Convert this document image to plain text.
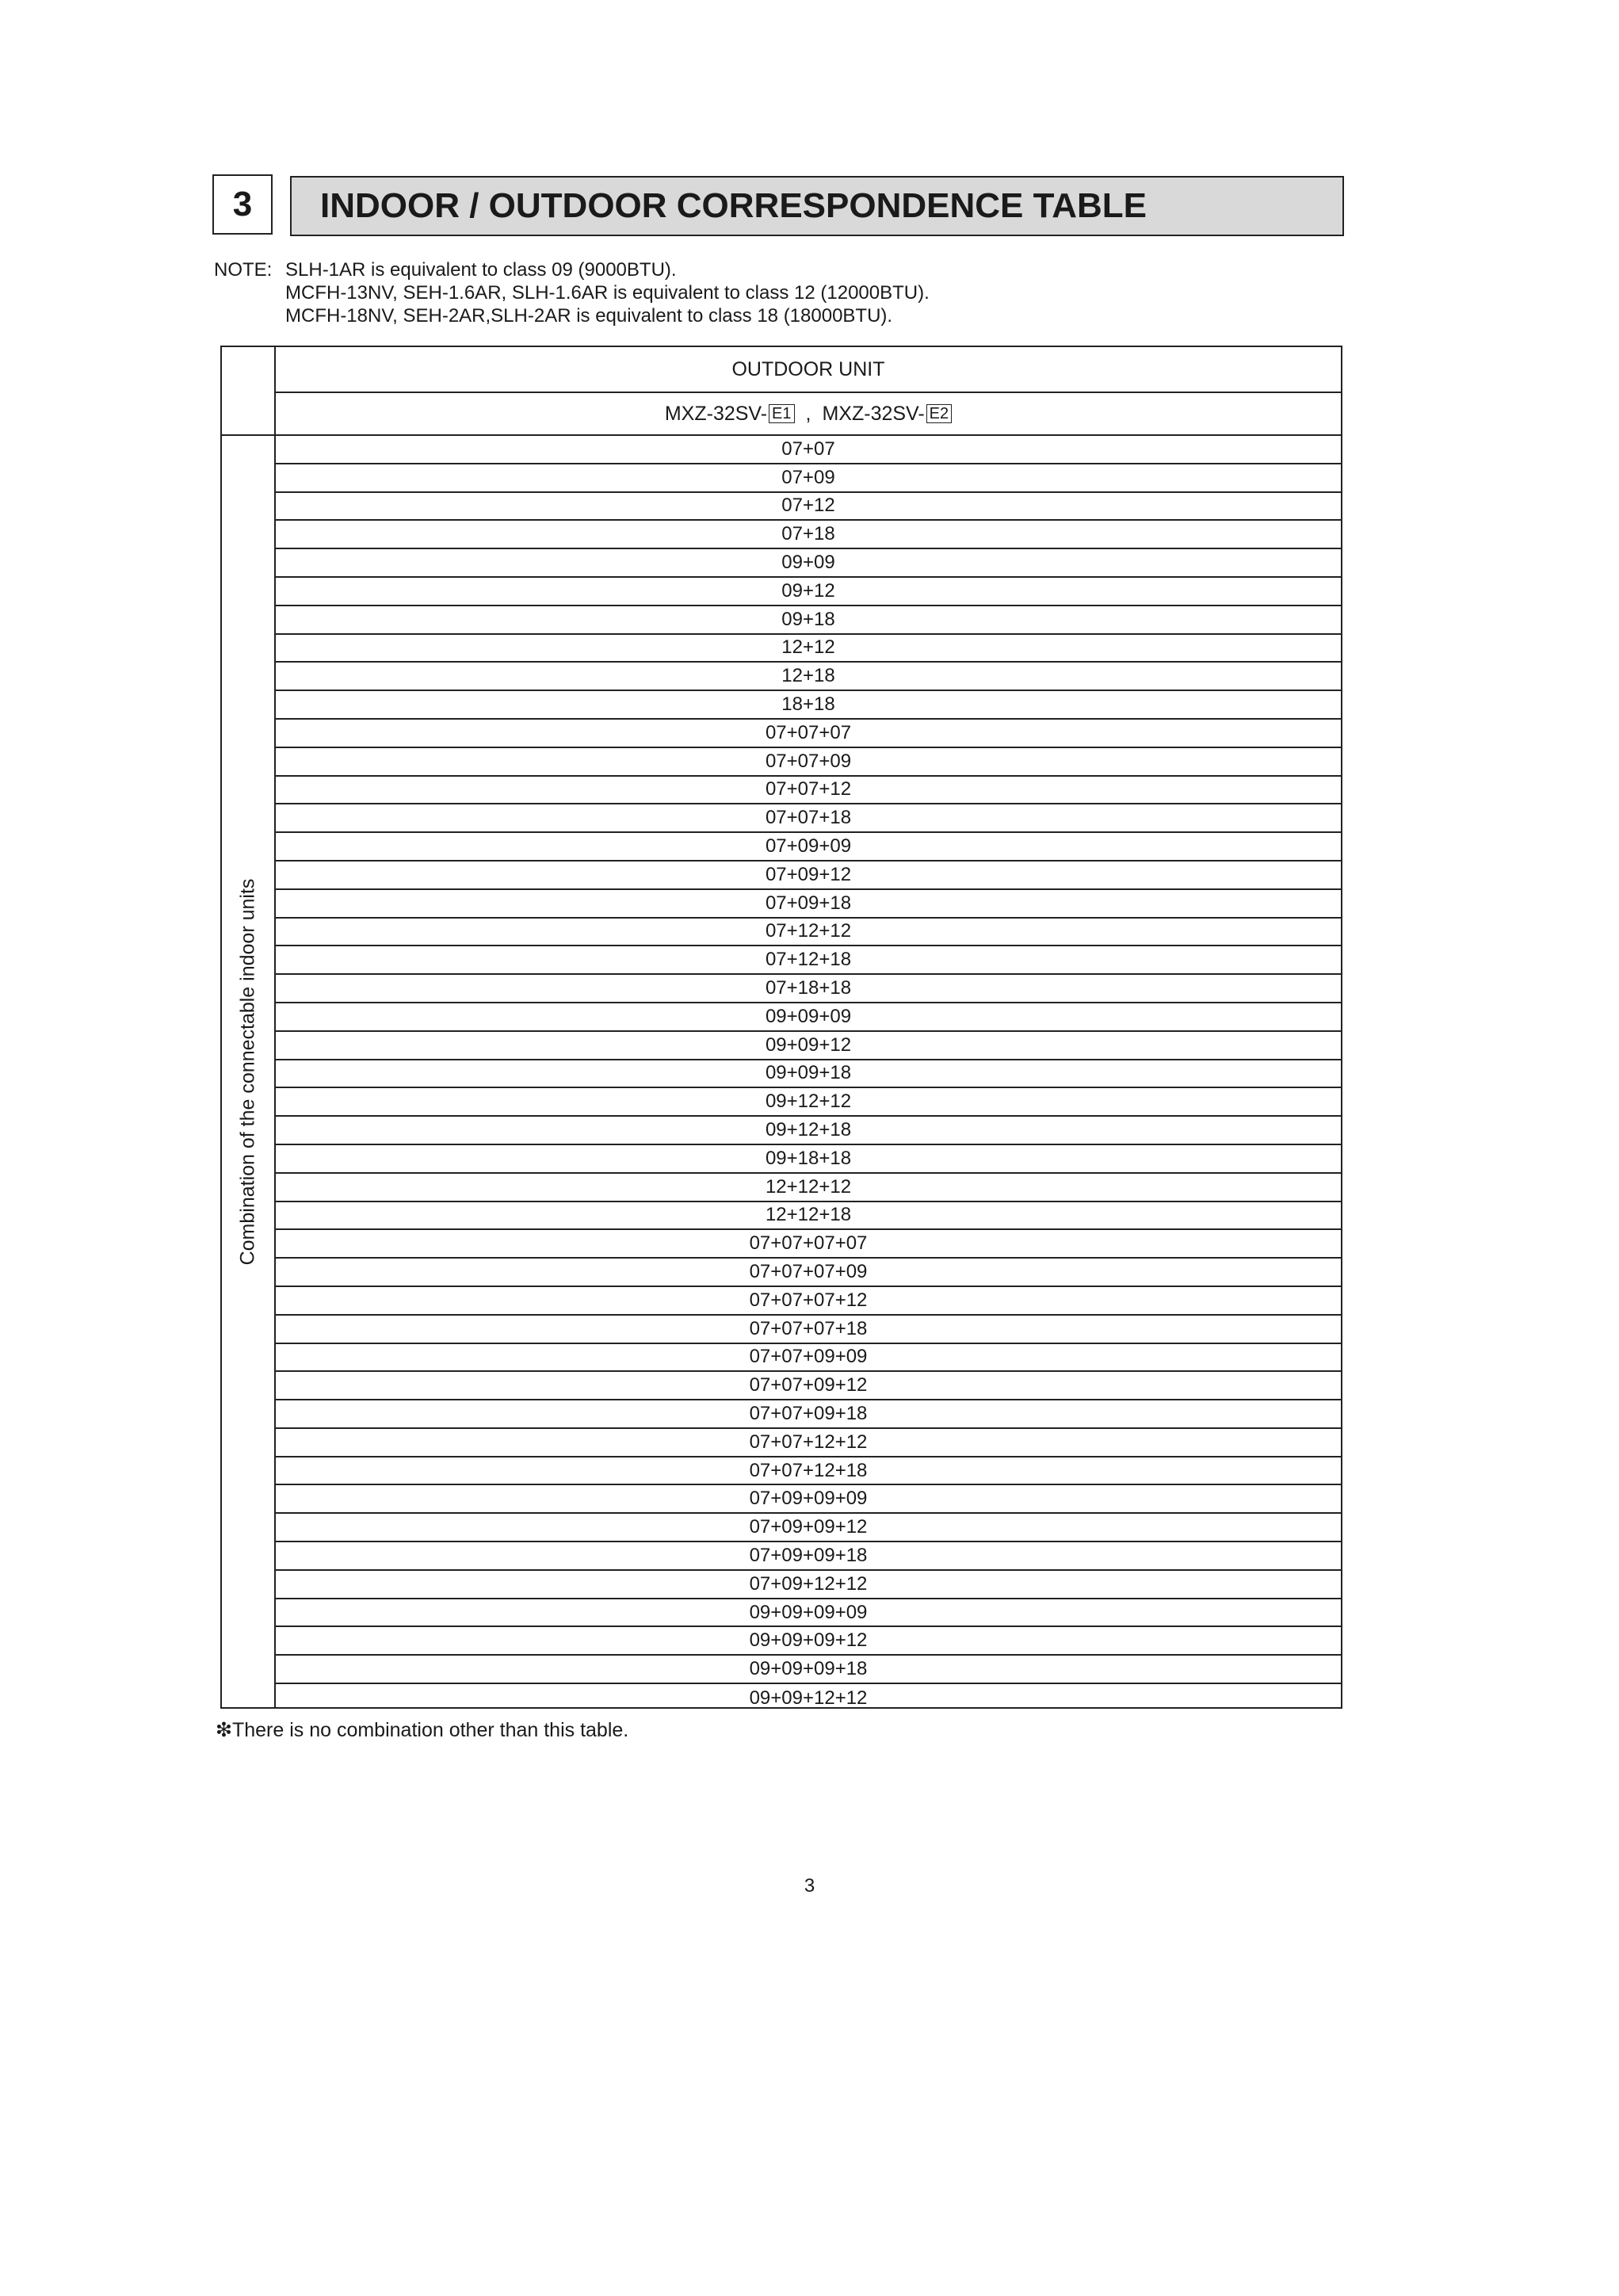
3	INDOOR / OUTDOOR CORRESPONDENCE TABLE
NOTE: SLH-1AR is equivalent to class 09 (9000BTU).
MCFH-13NV, SEH-1.6AR, SLH-1.6AR is equivalent to class 12 (12000BTU).
MCFH-18NV, SEH-2AR,SLH-2AR is equivalent to class 18 (18000BTU).
OUTDOOR UNIT
MXZ-32SV- E1 , MXZ-32SV- E2
Combination of the connectable indoor units
07+07
07+09
07+12
07+18
09+09
09+12
09+18
12+12
12+18
18+18
07+07+07
07+07+09
07+07+12
07+07+18
07+09+09
07+09+12
07+09+18
07+12+12
07+12+18
07+18+18
09+09+09
09+09+12
09+09+18
09+12+12
09+12+18
09+18+18
12+12+12
12+12+18
07+07+07+07
07+07+07+09
07+07+07+12
07+07+07+18
07+07+09+09
07+07+09+12
07+07+09+18
07+07+12+12
07+07+12+18
07+09+09+09
07+09+09+12
07+09+09+18
07+09+12+12
09+09+09+09
09+09+09+12
09+09+09+18
09+09+12+12
❇There is no combination other than this table.
3
